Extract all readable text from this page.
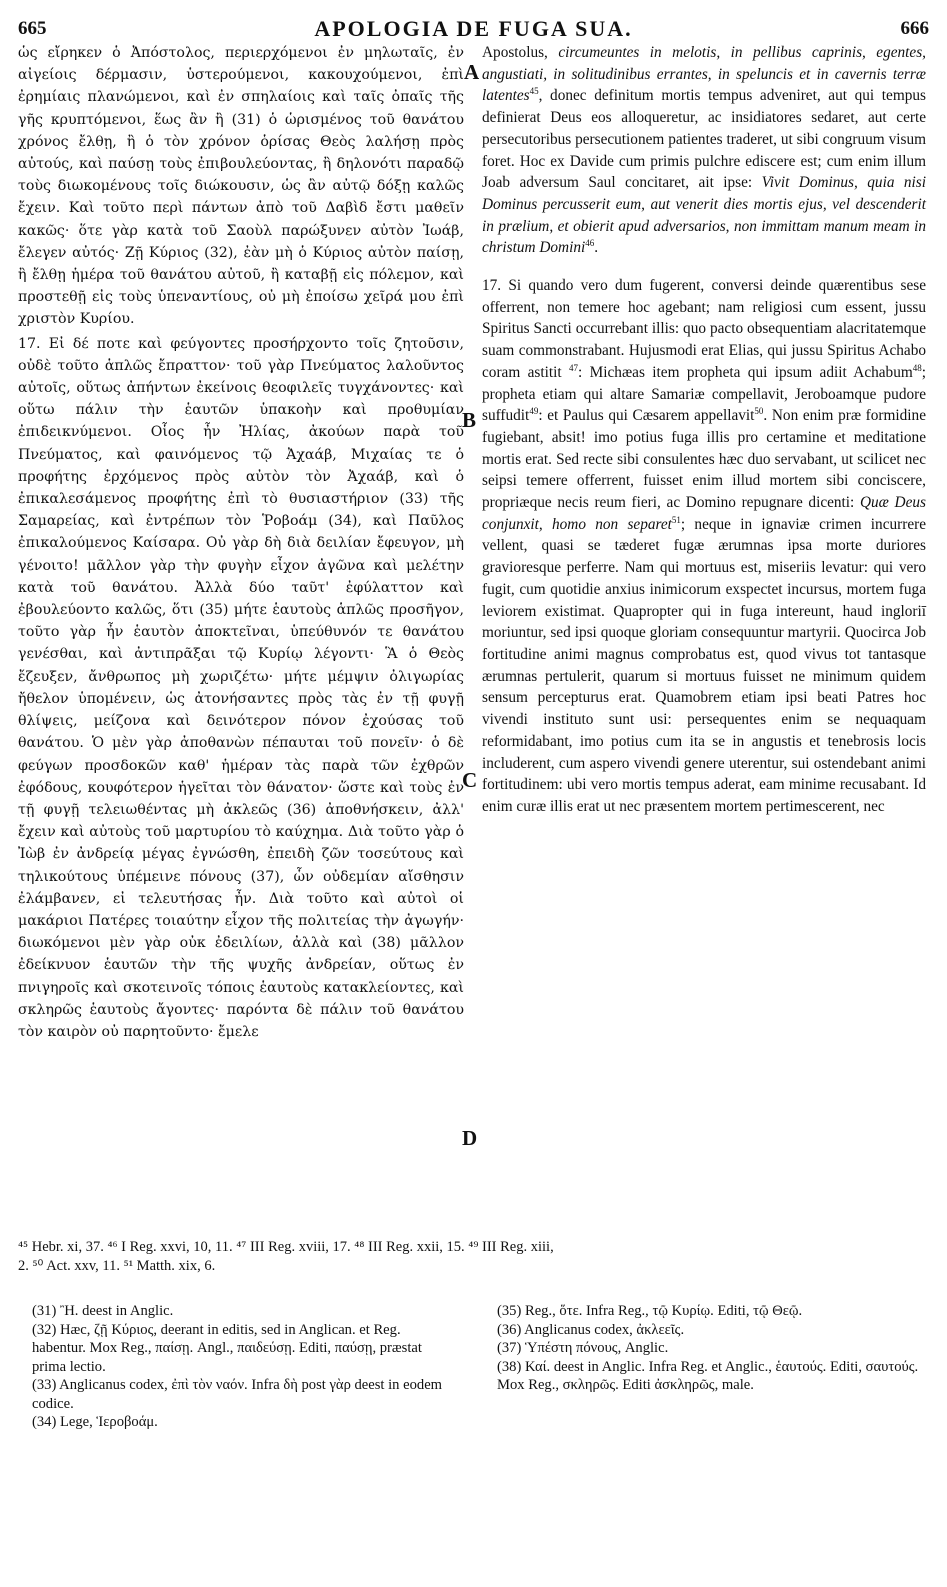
665	APOLOGIA DE FUGA SUA.	666

ὡς εἴρηκεν ὁ Ἀπόστολος, περιερχόμενοι ἐν μηλωταῖς, ἐν αἰγείοις δέρμασιν, ὑστερούμενοι, κακουχούμενοι, ἐπὶ ἐρημίαις πλανώμενοι, καὶ ἐν σπηλαίοις καὶ ταῖς ὀπαῖς τῆς γῆς κρυπτόμενοι, ἕως ἂν ἢ (31) ὁ ὡρισμένος τοῦ θανάτου χρόνος ἔλθῃ, ἢ ὁ τὸν χρόνον ὁρίσας Θεὸς λαλήσῃ πρὸς αὐτούς, καὶ παύσῃ τοὺς ἐπιβουλεύοντας, ἢ δηλονότι παραδῷ τοὺς διωκομένους τοῖς διώκουσιν, ὡς ἂν αὐτῷ δόξῃ καλῶς ἔχειν. Καὶ τοῦτο περὶ πάντων ἀπὸ τοῦ Δαβὶδ ἔστι μαθεῖν κακῶς· ὅτε γὰρ κατὰ τοῦ Σαοὺλ παρώξυνεν αὐτὸν Ἰωάβ, ἔλεγεν αὐτός· Ζῇ Κύριος (32), ἐὰν μὴ ὁ Κύριος αὐτὸν παίσῃ, ἢ ἔλθῃ ἡμέρα τοῦ θανάτου αὐτοῦ, ἢ καταβῇ εἰς πόλεμον, καὶ προστεθῇ εἰς τοὺς ὑπεναντίους, οὐ μὴ ἐποίσω χεῖρά μου ἐπὶ χριστὸν Κυρίου.

17. Εἰ δέ ποτε καὶ φεύγοντες προσήρχοντο τοῖς ζητοῦσιν, οὐδὲ τοῦτο ἁπλῶς ἔπραττον· τοῦ γὰρ Πνεύματος λαλοῦντος αὐτοῖς, οὕτως ἀπήντων ἐκείνοις θεοφιλεῖς τυγχάνοντες· καὶ οὕτω πάλιν τὴν ἑαυτῶν ὑπακοὴν καὶ προθυμίαν ἐπιδεικνύμενοι. Οἷος ἦν Ἠλίας, ἀκούων παρὰ τοῦ Πνεύματος, καὶ φαινόμενος τῷ Ἀχαάβ, Μιχαίας τε ὁ προφήτης ἐρχόμενος πρὸς αὐτὸν τὸν Ἀχαάβ, καὶ ὁ ἐπικαλεσάμενος προφήτης ἐπὶ τὸ θυσιαστήριον (33) τῆς Σαμαρείας, καὶ ἐντρέπων τὸν Ῥοβοάμ (34), καὶ Παῦλος ἐπικαλούμενος Καίσαρα. Οὐ γὰρ δὴ διὰ δειλίαν ἔφευγον, μὴ γένοιτο! μᾶλλον γὰρ τὴν φυγὴν εἶχον ἀγῶνα καὶ μελέτην κατὰ τοῦ θανάτου. Ἀλλὰ δύο ταῦτ' ἐφύλαττον καὶ ἐβουλεύοντο καλῶς, ὅτι (35) μήτε ἑαυτοὺς ἁπλῶς προσῆγον, τοῦτο γὰρ ἦν ἑαυτὸν ἀποκτεῖναι, ὑπεύθυνόν τε θανάτου γενέσθαι, καὶ ἀντιπρᾶξαι τῷ Κυρίῳ λέγοντι· Ἃ ὁ Θεὸς ἔζευξεν, ἄνθρωπος μὴ χωριζέτω· μήτε μέμψιν ὀλιγωρίας ἤθελον ὑπομένειν, ὡς ἀτονήσαντες πρὸς τὰς ἐν τῇ φυγῇ θλίψεις, μείζονα καὶ δεινότερον πόνον ἐχούσας τοῦ θανάτου. Ὁ μὲν γὰρ ἀποθανὼν πέπαυται τοῦ πονεῖν· ὁ δὲ φεύγων προσδοκῶν καθ' ἡμέραν τὰς παρὰ τῶν ἐχθρῶν ἐφόδους, κουφότερον ἡγεῖται τὸν θάνατον· ὥστε καὶ τοὺς ἐν τῇ φυγῇ τελειωθέντας μὴ ἀκλεῶς (36) ἀποθνήσκειν, ἀλλ' ἔχειν καὶ αὐτοὺς τοῦ μαρτυρίου τὸ καύχημα. Διὰ τοῦτο γὰρ ὁ Ἰὼβ ἐν ἀνδρείᾳ μέγας ἐγνώσθη, ἐπειδὴ ζῶν τοσεύτους καὶ τηλικούτους ὑπέμεινε πόνους (37), ὧν οὐδεμίαν αἴσθησιν ἐλάμβανεν, εἰ τελευτήσας ἦν. Διὰ τοῦτο καὶ αὐτοὶ οἱ μακάριοι Πατέρες τοιαύτην εἶχον τῆς πολιτείας τὴν ἀγωγήν· διωκόμενοι μὲν γὰρ οὐκ ἐδειλίων, ἀλλὰ καὶ (38) μᾶλλον ἐδείκνυον ἑαυτῶν τὴν τῆς ψυχῆς ἀνδρείαν, οὕτως ἐν πνιγηροῖς καὶ σκοτεινοῖς τόποις ἑαυτοὺς κατακλείοντες, καὶ σκληρῶς ἑαυτοὺς ἄγοντες· παρόντα δὲ πάλιν τοῦ θανάτου τὸν καιρὸν οὐ παρητοῦντο· ἔμελε

A
B
C
D

Apostolus, circumeuntes in melotis, in pellibus caprinis, egentes, angustiati, in solitudinibus errantes, in speluncis et in cavernis terræ latentes$^{45}$, donec definitum mortis tempus adveniret, aut qui tempus definierat Deus eos alloqueretur, ac insidiatores sedaret, aut certe persecutoribus persecutionem patientes traderet, ut sibi congruum visum foret. Hoc ex Davide cum primis pulchre ediscere est; cum enim illum Joab adversum Saul concitaret, ait ipse: Vivit Dominus, quia nisi Dominus percusserit eum, aut venerit dies mortis ejus, vel descenderit in prælium, et obierit apud adversarios, non immittam manum meam in christum Domini$^{46}$.

17. Si quando vero dum fugerent, conversi deinde quærentibus sese offerrent, non temere hoc agebant; nam religiosi cum essent, jussu Spiritus Sancti occurrebant illis: quo pacto obsequentiam alacritatemque suam commonstrabant. Hujusmodi erat Elias, qui jussu Spiritus Achabo coram astitit $^{47}$: Michæas item propheta qui ipsum adiit Achabum$^{48}$; propheta etiam qui altare Samariæ compellavit, Jeroboamque pudore suffudit$^{49}$: et Paulus qui Cæsarem appellavit$^{50}$. Non enim præ formidine fugiebant, absit! imo potius fuga illis pro certamine et meditatione mortis erat. Sed recte sibi consulentes hæc duo servabant, ut scilicet nec seipsi temere offerrent, fuisset enim illud mortem sibi conciscere, propriæque necis reum fieri, ac Domino repugnare dicenti: Quæ Deus conjunxit, homo non separet$^{51}$; neque in ignaviæ crimen incurrere vellent, quasi se tæderet fugæ ærumnas ipsa morte duriores gravioresque perferre. Nam qui mortuus est, miseriis levatur: qui vero fugit, cum quotidie anxius inimicorum exspectet incursus, mortem fuga leviorem existimat. Quapropter qui in fuga intereunt, haud ingloriī moriuntur, sed ipsi quoque gloriam consequuntur martyrii. Quocirca Job fortitudine animi magnus comprobatus est, quod vivus tot tantasque ærumnas pertulerit, quarum si mortuus fuisset ne minimum quidem sensum percepturus erat. Quamobrem etiam ipsi beati Patres hoc vivendi instituto sunt usi: persequentes enim se nequaquam reformidabant, imo potius cum ita se in angustis et tenebrosis locis includerent, cum aspero vivendi genere uterentur, sui ostendebant animi fortitudinem: ubi vero mortis tempus aderat, eam minime recusabant. Id enim curæ illis erat ut nec præsentem mortem pertimescerent, nec

⁴⁵ Hebr. xi, 37. ⁴⁶ I Reg. xxvi, 10, 11. ⁴⁷ III Reg. xviii, 17. ⁴⁸ III Reg. xxii, 15. ⁴⁹ III Reg. xiii,
2. ⁵⁰ Act. xxv, 11. ⁵¹ Matth. xix, 6.
(31) Ἢ. deest in Anglic.
(32) Hæc, ζῇ Κύριος, deerant in editis, sed in Anglican. et Reg. habentur. Mox Reg., παίσῃ. Angl., παιδεύσῃ. Editi, παύσῃ, præstat prima lectio.
(33) Anglicanus codex, ἐπὶ τὸν ναόν. Infra δὴ post γὰρ deest in eodem codice.
(34) Lege, Ἱεροβοάμ.
(35) Reg., ὅτε. Infra Reg., τῷ Κυρίῳ. Editi, τῷ Θεῷ.
(36) Anglicanus codex, ἀκλεεῖς.
(37) Ὑπέστη πόνους, Anglic.
(38) Καί. deest in Anglic. Infra Reg. et Anglic., ἑαυτούς. Editi, σαυτούς. Mox Reg., σκληρῶς. Editi ἀσκληρῶς, male.
